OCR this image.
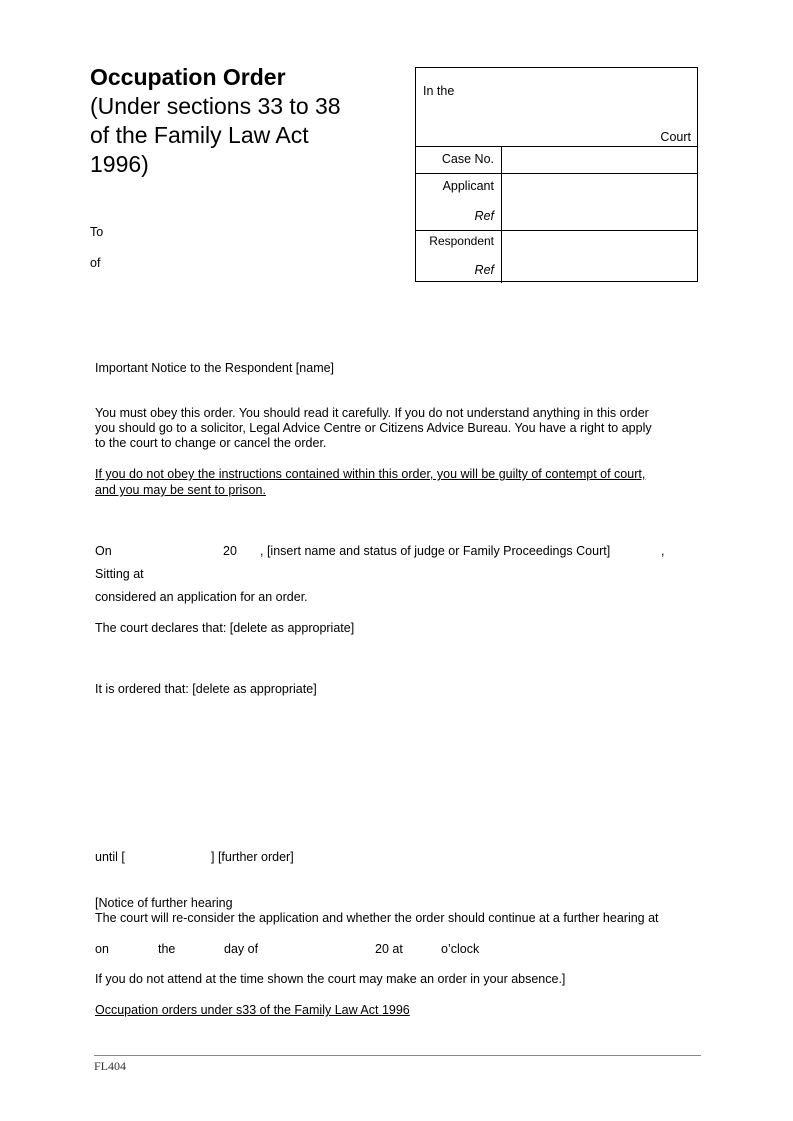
Occupation Order
(Under sections 33 to 38
of the Family Law Act
1996)
To
of
In the
Court
Case No.
Applicant
Ref
Respondent
Ref
Important Notice to the Respondent [name]
You must obey this order. You should read it carefully. If you do not understand anything in this order
you should go to a solicitor, Legal Advice Centre or Citizens Advice Bureau. You have a right to apply
to the court to change or cancel the order.
If you do not obey the instructions contained within this order, you will be guilty of contempt of court,
and you may be sent to prison.
On	20 , [insert name and status of judge or Family Proceedings Court]	,
Sitting at
considered an application for an order.
The court declares that: [delete as appropriate]
It is ordered that: [delete as appropriate]
until [	] [further order]
[Notice of further hearing
The court will re-consider the application and whether the order should continue at a further hearing at
on	the	day of	20 at	o’clock
If you do not attend at the time shown the court may make an order in your absence.]
Occupation orders under s33 of the Family Law Act 1996
FL404
